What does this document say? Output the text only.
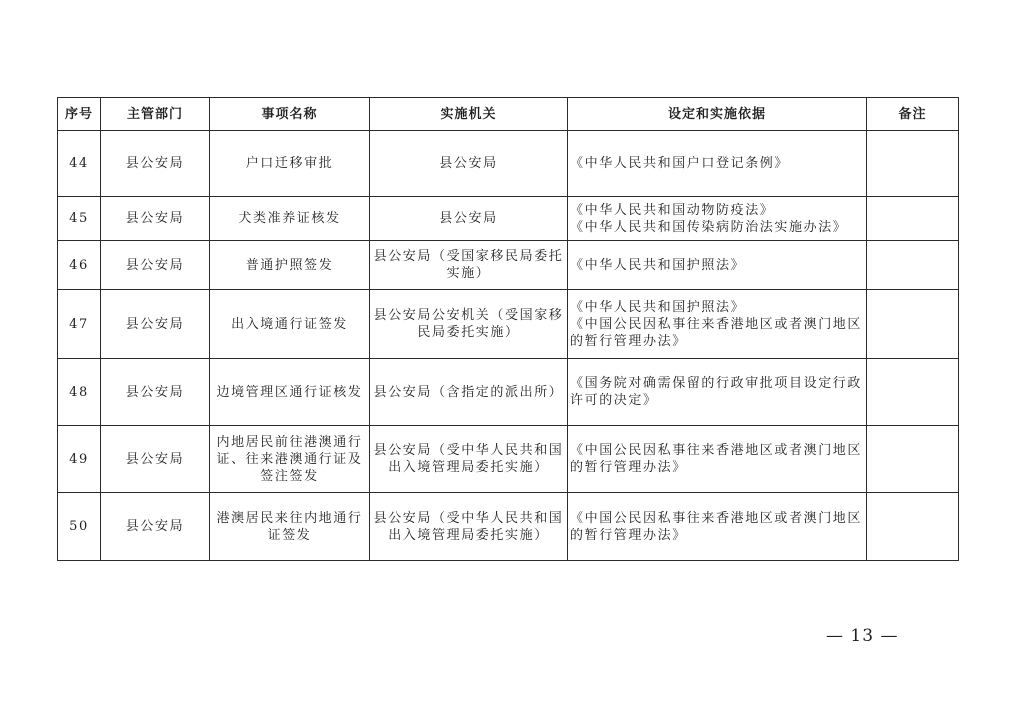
序号	主管部门	事项名称	实施机关	设定和实施依据	备注
44	县公安局	户口迁移审批	县公安局	《中华人民共和国户口登记条例》	

45	县公安局	犬类准养证核发	县公安局	《中华人民共和国动物防疫法》
《中华人民共和国传染病防治法实施办法》	

46	县公安局	普通护照签发	县公安局（受国家移民局委托实施）	《中华人民共和国护照法》	

47	县公安局	出入境通行证签发	县公安局公安机关（受国家移民局委托实施）	《中华人民共和国护照法》
《中国公民因私事往来香港地区或者澳门地区的暂行管理办法》	

48	县公安局	边境管理区通行证核发	县公安局（含指定的派出所）	《国务院对确需保留的行政审批项目设定行政许可的决定》	

49	县公安局	内地居民前往港澳通行证、往来港澳通行证及签注签发	县公安局（受中华人民共和国出入境管理局委托实施）	《中国公民因私事往来香港地区或者澳门地区的暂行管理办法》	

50	县公安局	港澳居民来往内地通行证签发	县公安局（受中华人民共和国出入境管理局委托实施）	《中国公民因私事往来香港地区或者澳门地区的暂行管理办法》	

— 13 —
